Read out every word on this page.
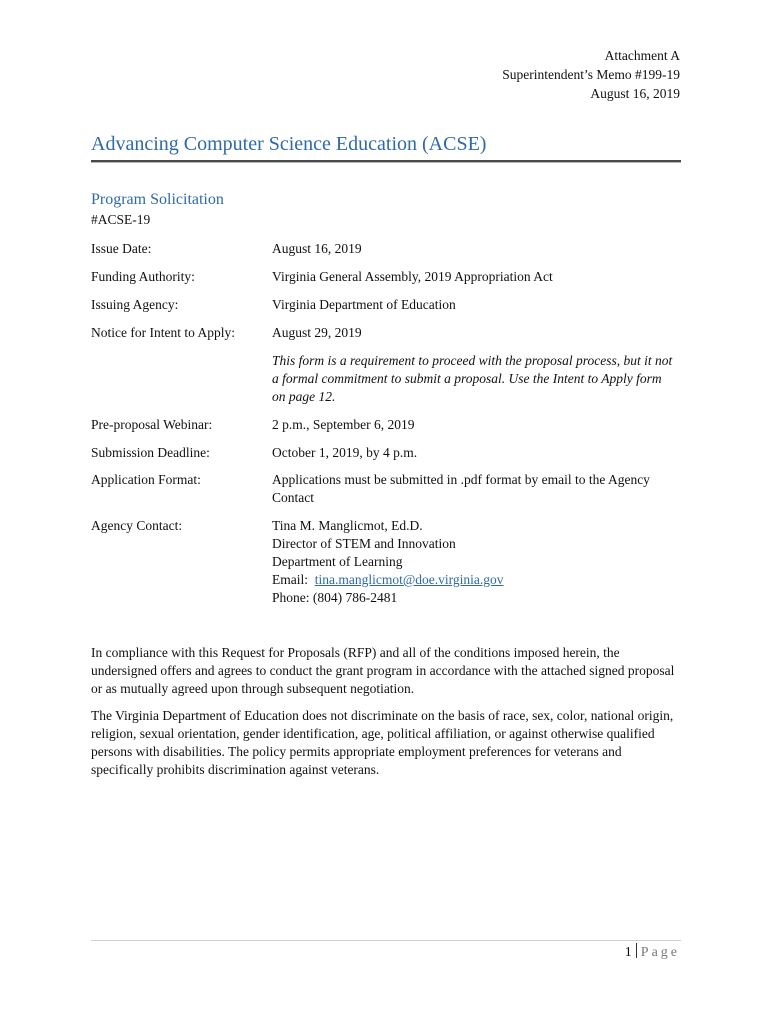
Attachment A
Superintendent’s Memo #199-19
August 16, 2019
Advancing Computer Science Education (ACSE)
Program Solicitation
#ACSE-19
Issue Date:	August 16, 2019
Funding Authority:	Virginia General Assembly, 2019 Appropriation Act
Issuing Agency:	Virginia Department of Education
Notice for Intent to Apply:	August 29, 2019
This form is a requirement to proceed with the proposal process, but it not a formal commitment to submit a proposal. Use the Intent to Apply form on page 12.
Pre-proposal Webinar:	2 p.m., September 6, 2019
Submission Deadline:	October 1, 2019, by 4 p.m.
Application Format:	Applications must be submitted in .pdf format by email to the Agency Contact
Agency Contact:	Tina M. Manglicmot, Ed.D.
Director of STEM and Innovation
Department of Learning
Email: tina.manglicmot@doe.virginia.gov
Phone: (804) 786-2481

In compliance with this Request for Proposals (RFP) and all of the conditions imposed herein, the undersigned offers and agrees to conduct the grant program in accordance with the attached signed proposal or as mutually agreed upon through subsequent negotiation.

The Virginia Department of Education does not discriminate on the basis of race, sex, color, national origin, religion, sexual orientation, gender identification, age, political affiliation, or against otherwise qualified persons with disabilities. The policy permits appropriate employment preferences for veterans and specifically prohibits discrimination against veterans.

1 Page
